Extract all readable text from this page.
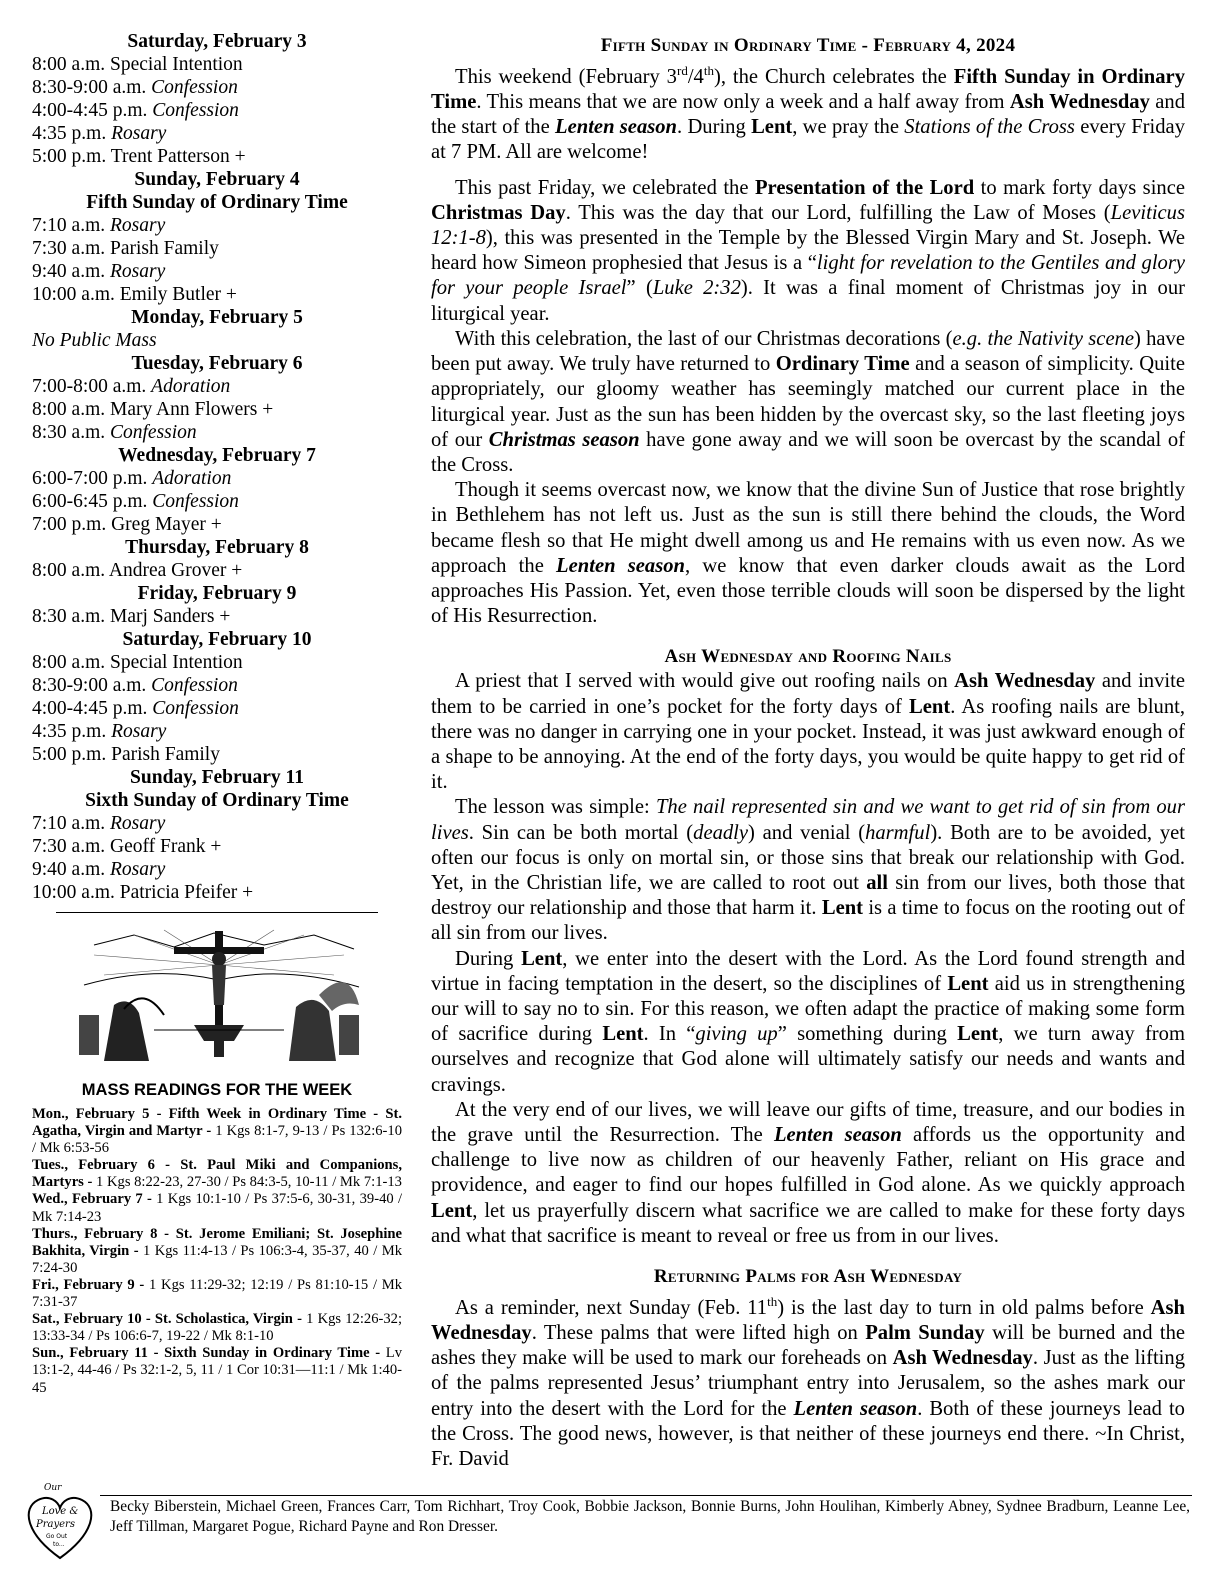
Saturday, February 3
8:00 a.m. Special Intention
8:30-9:00 a.m. Confession
4:00-4:45 p.m. Confession
4:35 p.m. Rosary
5:00 p.m. Trent Patterson +
Sunday, February 4
Fifth Sunday of Ordinary Time
7:10 a.m. Rosary
7:30 a.m. Parish Family
9:40 a.m. Rosary
10:00 a.m. Emily Butler +
Monday, February 5
No Public Mass
Tuesday, February 6
7:00-8:00 a.m. Adoration
8:00 a.m. Mary Ann Flowers +
8:30 a.m. Confession
Wednesday, February 7
6:00-7:00 p.m. Adoration
6:00-6:45 p.m. Confession
7:00 p.m. Greg Mayer +
Thursday, February 8
8:00 a.m. Andrea Grover +
Friday, February 9
8:30 a.m. Marj Sanders +
Saturday, February 10
8:00 a.m. Special Intention
8:30-9:00 a.m. Confession
4:00-4:45 p.m. Confession
4:35 p.m. Rosary
5:00 p.m. Parish Family
Sunday, February 11
Sixth Sunday of Ordinary Time
7:10 a.m. Rosary
7:30 a.m. Geoff Frank +
9:40 a.m. Rosary
10:00 a.m. Patricia Pfeifer +
MASS READINGS FOR THE WEEK
Mon., February 5 - Fifth Week in Ordinary Time - St. Agatha, Virgin and Martyr - 1 Kgs 8:1-7, 9-13 / Ps 132:6-10 / Mk 6:53-56
Tues., February 6 - St. Paul Miki and Companions, Martyrs - 1 Kgs 8:22-23, 27-30 / Ps 84:3-5, 10-11 / Mk 7:1-13
Wed., February 7 - 1 Kgs 10:1-10 / Ps 37:5-6, 30-31, 39-40 / Mk 7:14-23
Thurs., February 8 - St. Jerome Emiliani; St. Josephine Bakhita, Virgin - 1 Kgs 11:4-13 / Ps 106:3-4, 35-37, 40 / Mk 7:24-30
Fri., February 9 - 1 Kgs 11:29-32; 12:19 / Ps 81:10-15 / Mk 7:31-37
Sat., February 10 - St. Scholastica, Virgin - 1 Kgs 12:26-32; 13:33-34 / Ps 106:6-7, 19-22 / Mk 8:1-10
Sun., February 11 - Sixth Sunday in Ordinary Time - Lv 13:1-2, 44-46 / Ps 32:1-2, 5, 11 / 1 Cor 10:31—11:1 / Mk 1:40-45
Fifth Sunday in Ordinary Time - February 4, 2024

This weekend (February 3rd/4th), the Church celebrates the Fifth Sunday in Ordinary Time. This means that we are now only a week and a half away from Ash Wednesday and the start of the Lenten season. During Lent, we pray the Stations of the Cross every Friday at 7 PM. All are welcome!

This past Friday, we celebrated the Presentation of the Lord to mark forty days since Christmas Day. This was the day that our Lord, fulfilling the Law of Moses (Leviticus 12:1-8), this was presented in the Temple by the Blessed Virgin Mary and St. Joseph. We heard how Simeon prophesied that Jesus is a “light for revelation to the Gentiles and glory for your people Israel” (Luke 2:32). It was a final moment of Christmas joy in our liturgical year.

With this celebration, the last of our Christmas decorations (e.g. the Nativity scene) have been put away. We truly have returned to Ordinary Time and a season of simplicity. Quite appropriately, our gloomy weather has seemingly matched our current place in the liturgical year. Just as the sun has been hidden by the overcast sky, so the last fleeting joys of our Christmas season have gone away and we will soon be overcast by the scandal of the Cross.

Though it seems overcast now, we know that the divine Sun of Justice that rose brightly in Bethlehem has not left us. Just as the sun is still there behind the clouds, the Word became flesh so that He might dwell among us and He remains with us even now. As we approach the Lenten season, we know that even darker clouds await as the Lord approaches His Passion. Yet, even those terrible clouds will soon be dispersed by the light of His Resurrection.

Ash Wednesday and Roofing Nails

A priest that I served with would give out roofing nails on Ash Wednesday and invite them to be carried in one’s pocket for the forty days of Lent. As roofing nails are blunt, there was no danger in carrying one in your pocket. Instead, it was just awkward enough of a shape to be annoying. At the end of the forty days, you would be quite happy to get rid of it.

The lesson was simple: The nail represented sin and we want to get rid of sin from our lives. Sin can be both mortal (deadly) and venial (harmful). Both are to be avoided, yet often our focus is only on mortal sin, or those sins that break our relationship with God. Yet, in the Christian life, we are called to root out all sin from our lives, both those that destroy our relationship and those that harm it. Lent is a time to focus on the rooting out of all sin from our lives.

During Lent, we enter into the desert with the Lord. As the Lord found strength and virtue in facing temptation in the desert, so the disciplines of Lent aid us in strengthening our will to say no to sin. For this reason, we often adapt the practice of making some form of sacrifice during Lent. In “giving up” something during Lent, we turn away from ourselves and recognize that God alone will ultimately satisfy our needs and wants and cravings.

At the very end of our lives, we will leave our gifts of time, treasure, and our bodies in the grave until the Resurrection. The Lenten season affords us the opportunity and challenge to live now as children of our heavenly Father, reliant on His grace and providence, and eager to find our hopes fulfilled in God alone. As we quickly approach Lent, let us prayerfully discern what sacrifice we are called to make for these forty days and what that sacrifice is meant to reveal or free us from in our lives.

Returning Palms for Ash Wednesday

As a reminder, next Sunday (Feb. 11th) is the last day to turn in old palms before Ash Wednesday. These palms that were lifted high on Palm Sunday will be burned and the ashes they make will be used to mark our foreheads on Ash Wednesday. Just as the lifting of the palms represented Jesus’ triumphant entry into Jerusalem, so the ashes mark our entry into the desert with the Lord for the Lenten season. Both of these journeys lead to the Cross. The good news, however, is that neither of these journeys end there. ~In Christ, Fr. David

Our
Love &
Prayers
Go Out
to...
Becky Biberstein, Michael Green, Frances Carr, Tom Richhart, Troy Cook, Bobbie Jackson, Bonnie Burns, John Houlihan, Kimberly Abney, Sydnee Bradburn, Leanne Lee, Jeff Tillman, Margaret Pogue, Richard Payne and Ron Dresser.
